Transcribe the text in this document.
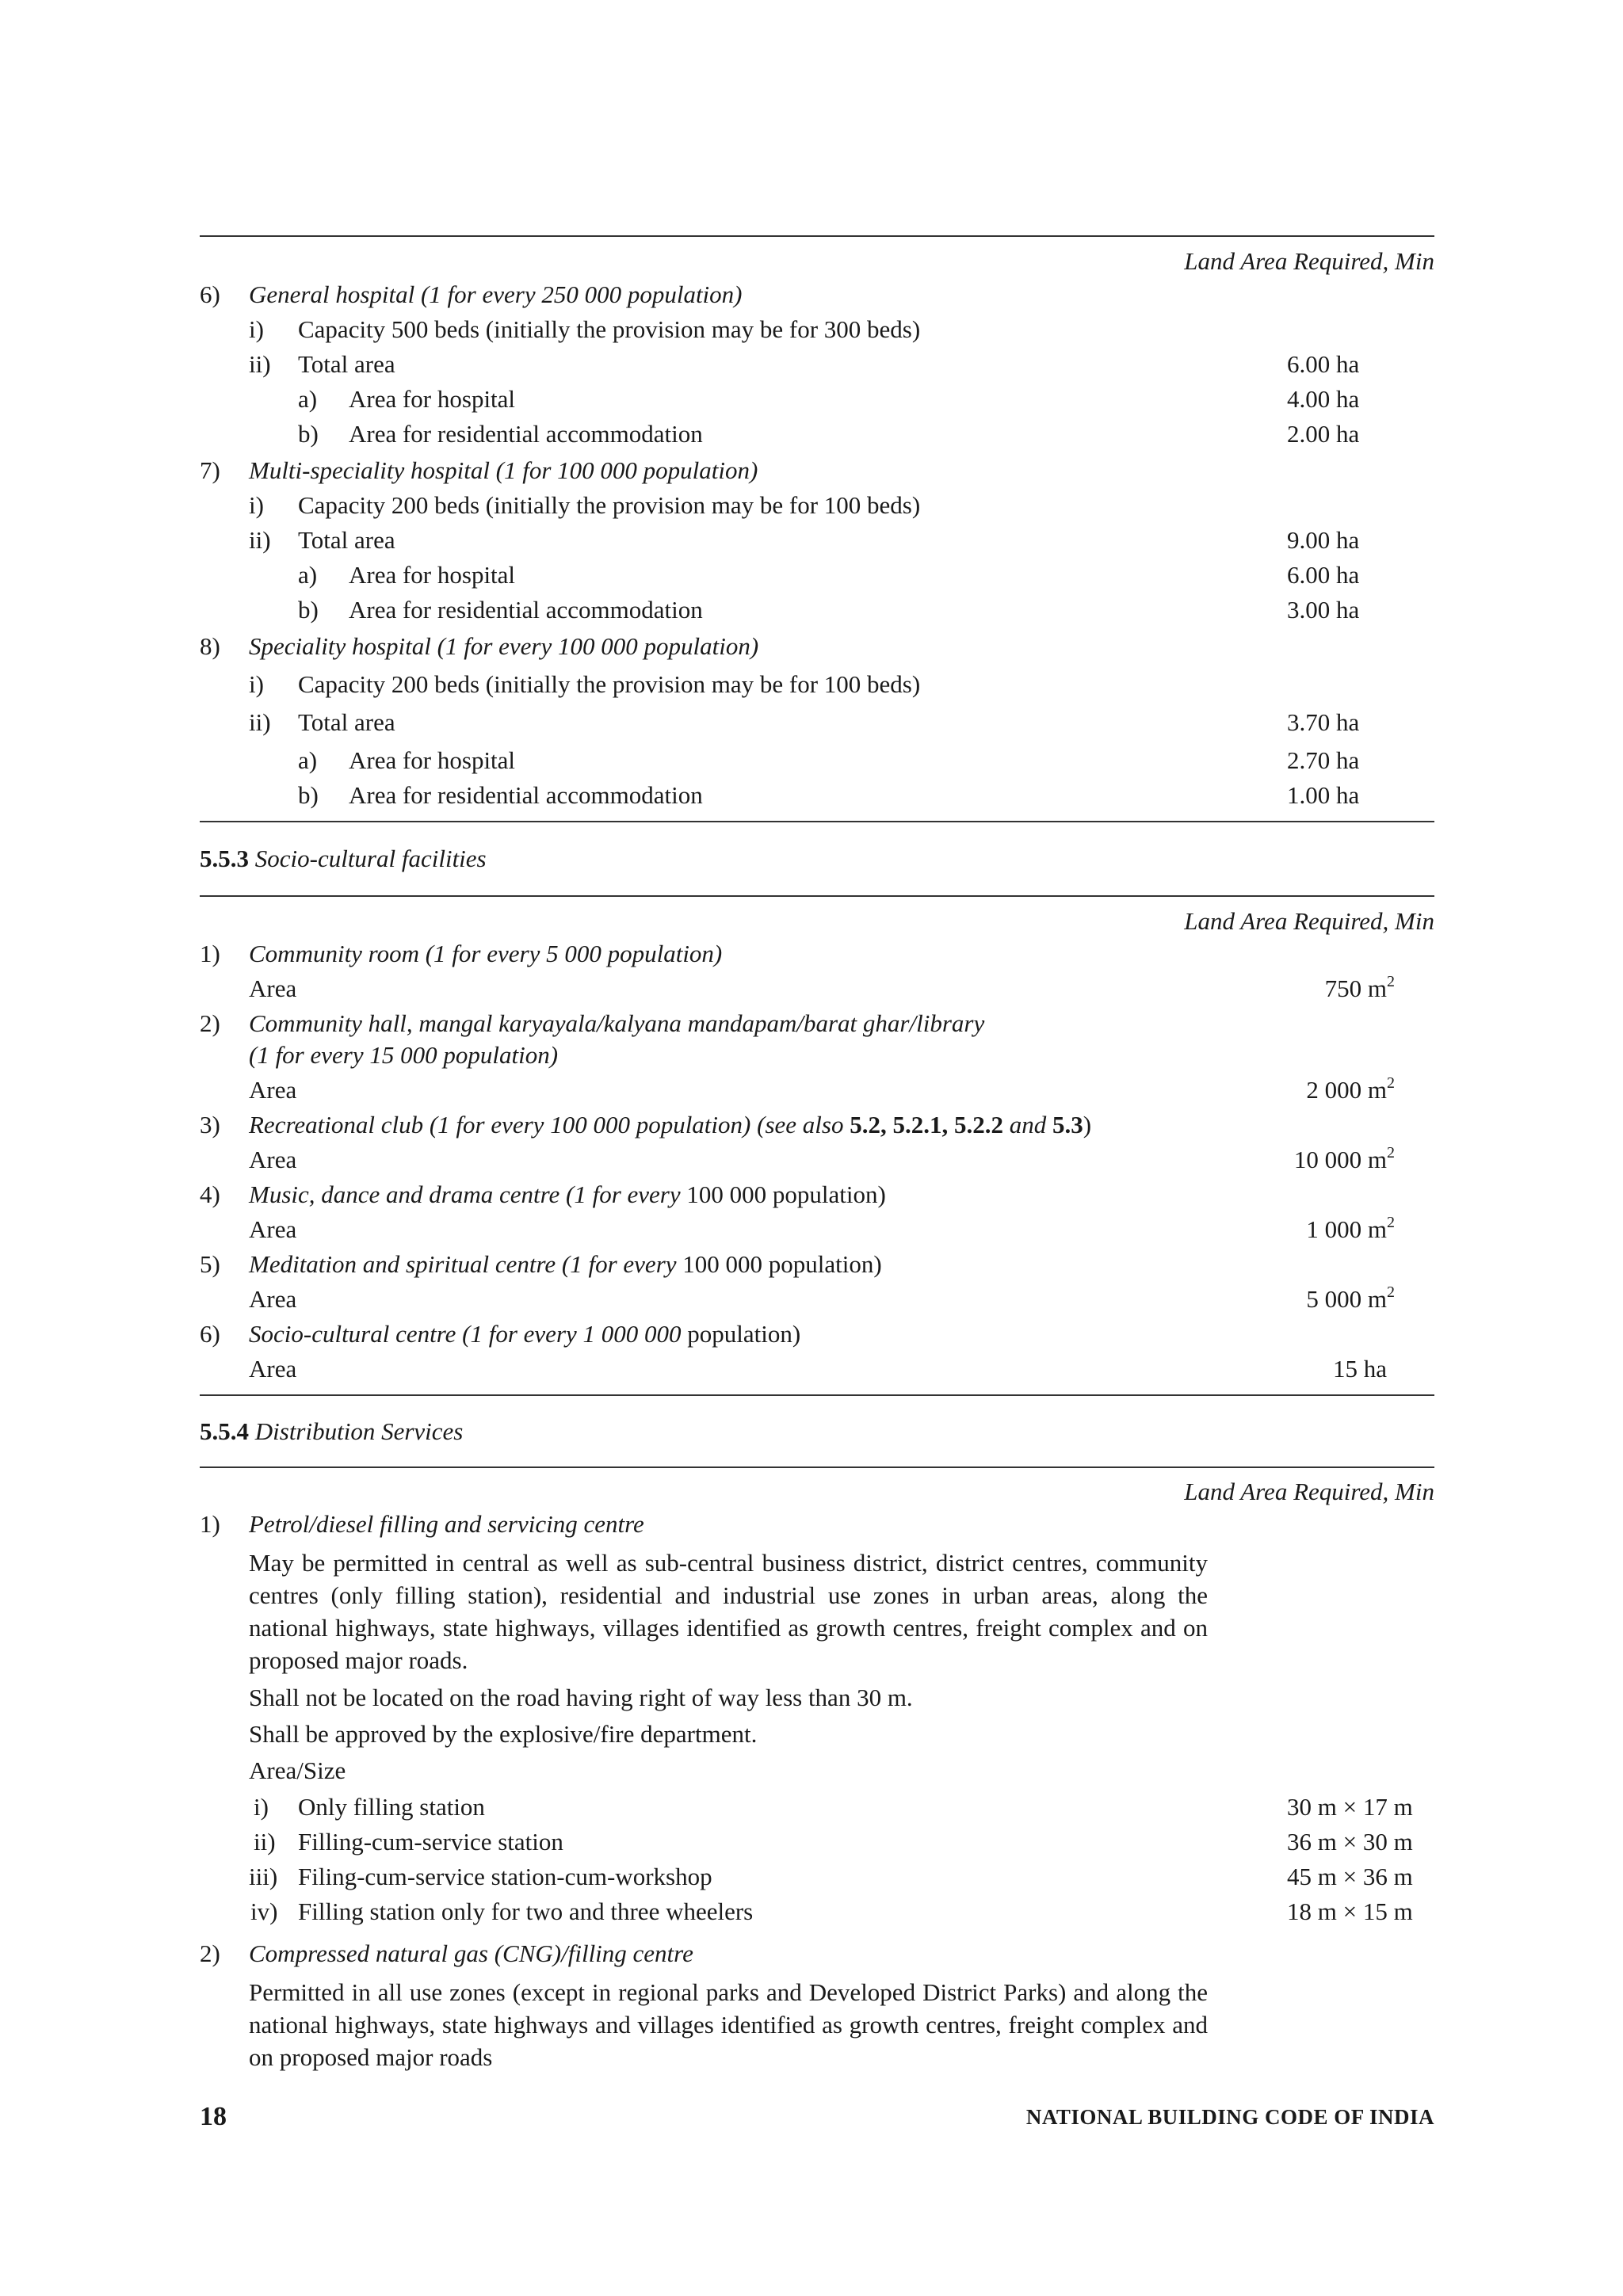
Land Area Required, Min
6) General hospital (1 for every 250 000 population)
i) Capacity 500 beds (initially the provision may be for 300 beds)
ii) Total area	6.00 ha
a) Area for hospital	4.00 ha
b) Area for residential accommodation	2.00 ha
7) Multi-speciality hospital (1 for 100 000 population)
i) Capacity 200 beds (initially the provision may be for 100 beds)
ii) Total area	9.00 ha
a) Area for hospital	6.00 ha
b) Area for residential accommodation	3.00 ha
8) Speciality hospital (1 for every 100 000 population)
i) Capacity 200 beds (initially the provision may be for 100 beds)
ii) Total area	3.70 ha
a) Area for hospital	2.70 ha
b) Area for residential accommodation	1.00 ha
5.5.3 Socio-cultural facilities
Land Area Required, Min
1) Community room (1 for every 5 000 population)
Area	750 $m^2$
2) Community hall, mangal karyayala/kalyana mandapam/barat ghar/library
(1 for every 15 000 population)
Area	2 000 $m^2$
3) Recreational club (1 for every 100 000 population) (see also 5.2, 5.2.1, 5.2.2 and 5.3)
Area	10 000 $m^2$
4) Music, dance and drama centre (1 for every 100 000 population)
Area	1 000 $m^2$
5) Meditation and spiritual centre (1 for every 100 000 population)
Area	5 000 $m^2$
6) Socio-cultural centre (1 for every 1 000 000 population)
Area	15 ha
5.5.4 Distribution Services
Land Area Required, Min
1) Petrol/diesel filling and servicing centre
May be permitted in central as well as sub-central business district, district centres, community centres (only filling station), residential and industrial use zones in urban areas, along the national highways, state highways, villages identified as growth centres, freight complex and on proposed major roads.
Shall not be located on the road having right of way less than 30 m.
Shall be approved by the explosive/fire department.
Area/Size
i) Only filling station	30 m × 17 m
ii) Filling-cum-service station	36 m × 30 m
iii) Filing-cum-service station-cum-workshop	45 m × 36 m
iv) Filling station only for two and three wheelers	18 m × 15 m
2) Compressed natural gas (CNG)/filling centre
Permitted in all use zones (except in regional parks and Developed District Parks) and along the national highways, state highways and villages identified as growth centres, freight complex and on proposed major roads
18	NATIONAL BUILDING CODE OF INDIA
